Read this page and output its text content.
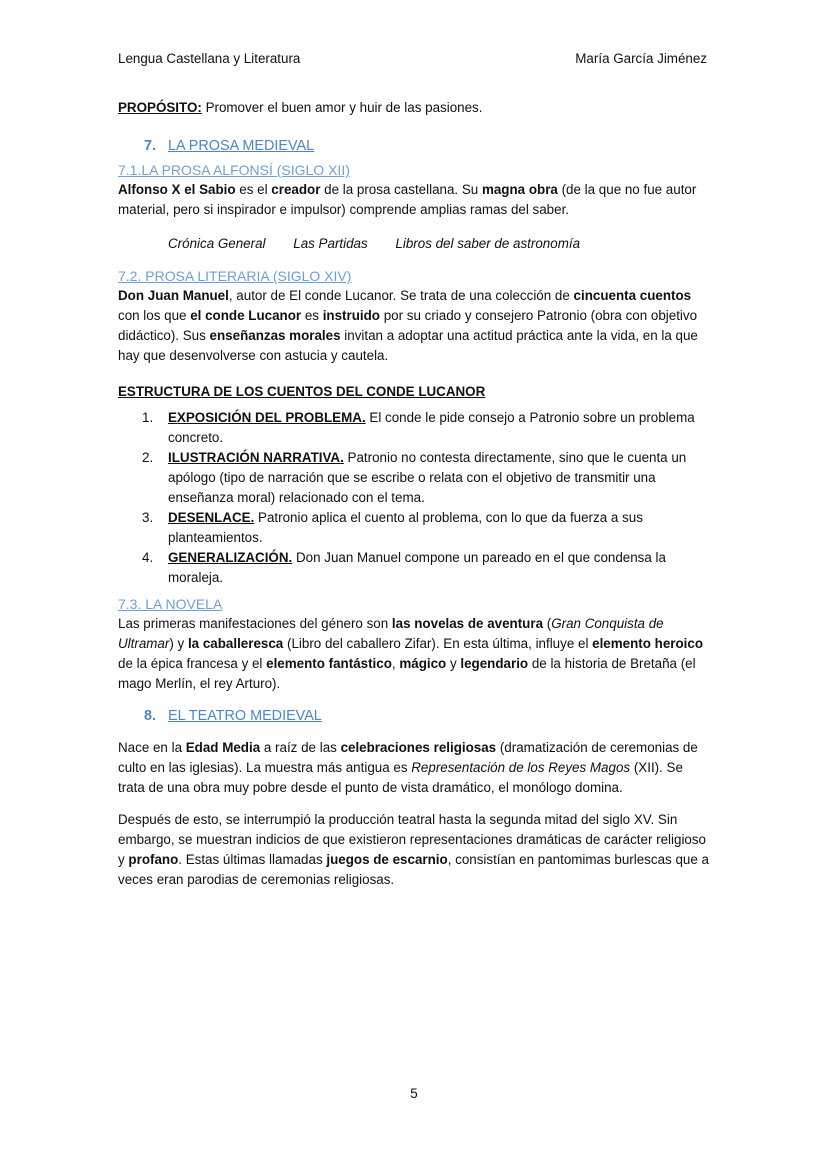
Lengua Castellana y Literatura	María García Jiménez

PROPÓSITO: Promover el buen amor y huir de las pasiones.

7. LA PROSA MEDIEVAL
7.1.LA PROSA ALFONSÍ (SIGLO XII)

Alfonso X el Sabio es el creador de la prosa castellana. Su magna obra (de la que no fue autor material, pero si inspirador e impulsor) comprende amplias ramas del saber.

Crónica General Las Partidas Libros del saber de astronomía
7.2. PROSA LITERARIA (SIGLO XIV)

Don Juan Manuel, autor de El conde Lucanor. Se trata de una colección de cincuenta cuentos con los que el conde Lucanor es instruido por su criado y consejero Patronio (obra con objetivo didáctico). Sus enseñanzas morales invitan a adoptar una actitud práctica ante la vida, en la que hay que desenvolverse con astucia y cautela.

ESTRUCTURA DE LOS CUENTOS DEL CONDE LUCANOR

1. EXPOSICIÓN DEL PROBLEMA. El conde le pide consejo a Patronio sobre un problema concreto.
2. ILUSTRACIÓN NARRATIVA. Patronio no contesta directamente, sino que le cuenta un apólogo (tipo de narración que se escribe o relata con el objetivo de transmitir una enseñanza moral) relacionado con el tema.
3. DESENLACE. Patronio aplica el cuento al problema, con lo que da fuerza a sus planteamientos.
4. GENERALIZACIÓN. Don Juan Manuel compone un pareado en el que condensa la moraleja.
7.3. LA NOVELA

Las primeras manifestaciones del género son las novelas de aventura (Gran Conquista de Ultramar) y la caballeresca (Libro del caballero Zifar). En esta última, influye el elemento heroico de la épica francesa y el elemento fantástico, mágico y legendario de la historia de Bretaña (el mago Merlín, el rey Arturo).

8. EL TEATRO MEDIEVAL

Nace en la Edad Media a raíz de las celebraciones religiosas (dramatización de ceremonias de culto en las iglesias). La muestra más antigua es Representación de los Reyes Magos (XII). Se trata de una obra muy pobre desde el punto de vista dramático, el monólogo domina.

Después de esto, se interrumpió la producción teatral hasta la segunda mitad del siglo XV. Sin embargo, se muestran indicios de que existieron representaciones dramáticas de carácter religioso y profano. Estas últimas llamadas juegos de escarnio, consistían en pantomimas burlescas que a veces eran parodias de ceremonias religiosas.

5
